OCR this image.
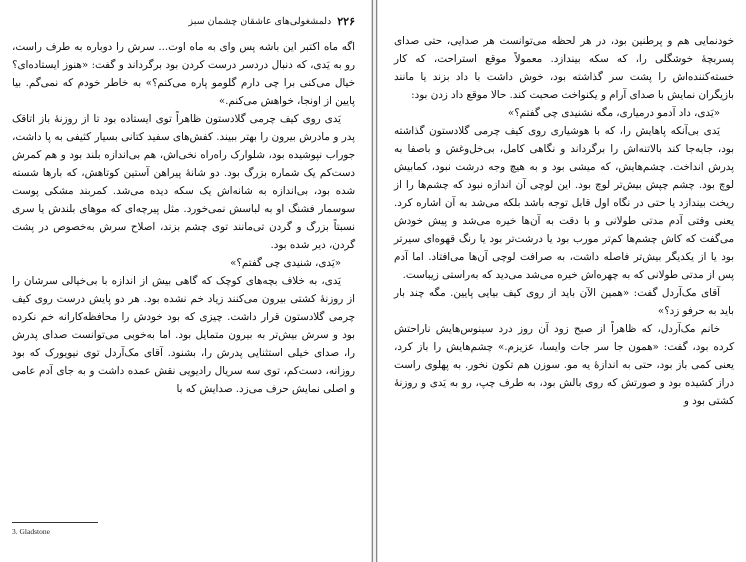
۲۲۶
دلمشغولی‌های عاشقان چشمان سبز

اگه ماه اکتبر این باشه پس وای به ماه اوت... سرش را دوباره به طرف راست، رو به یَدی، که دنبال دردسر درست کردن بود برگرداند و گفت: «هنوز ایستاده‌ای؟ خیال می‌کنی برا چی دارم گلومو پاره می‌کنم؟» به خاطر خودم که نمی‌گم. بیا پایین از اونجا، خواهش می‌کنم.»

یَدی روی کیف چرمی گلادستون ظاهراً توی ایستاده بود تا از روزنهٔ باز اتاقک پدر و مادرش بیرون را بهتر ببیند. کفش‌های سفید کتانی بسیار کثیفی به پا داشت، جوراب نپوشیده بود، شلوارک راه‌راه نخی‌اش، هم بی‌اندازه بلند بود و هم کمرش دست‌کم یک شماره بزرگ بود. دو شانهٔ پیراهن آستین کوتاهش، که بارها شسته شده بود، بی‌اندازه به شانه‌اش یک سکه دیده می‌شد. کمربند مشکی پوست سوسمار فشنگ او به لباسش نمی‌خورد. مثل پیرچه‌ای که موهای بلندش یا سری نسبتاً بزرگ و گردن تی‌مانند توی چشم بزند، اصلاح سرش به‌خصوص در پشت گردن، دیر شده بود.

«یَدی، شنیدی چی گفتم؟»

یَدی، به خلاف بچه‌های کوچک که گاهی بیش از اندازه با بی‌خیالی سرشان را از روزنهٔ کشتی بیرون می‌کنند زیاد خم نشده بود. هر دو پایش درست روی کیف چرمی گلادستون قرار داشت. چیزی که بود خودش را محافظه‌کارانه خم نکرده بود و سرش بیش‌تر به بیرون متمایل بود. اما به‌خوبی می‌توانست صدای پدرش را، صدای خیلی استثنایی پدرش را، بشنود. آقای مک‌آردل توی نیویورک که بود روزانه، دست‌کم، توی سه سریال رادیویی نقش عمده داشت و به جای آدم عامی و اصلی نمایش حرف می‌زد. صدایش که با

3. Gladstone

خودنمایی هم و پرطنین بود، در هر لحظه می‌توانست هر صدایی، حتی صدای پسربچهٔ خوشگلی را، که سکه بیندازد. معمولاً موقع استراحت، که کار خسته‌کننده‌اش را پشت سر گذاشته بود، خوش داشت با داد بزند یا مانند بازیگران نمایش با صدای آرام و یکنواخت صحبت کند. حالا موقع داد زدن بود:

«یَدی، داد آدمو درمیاری، مگه نشنیدی چی گفتم؟»

یَدی بی‌آنکه پاهایش را، که با هوشیاری روی کیف چرمی گلادستون گذاشته بود، جابه‌جا کند بالاتنه‌اش را برگرداند و نگاهی کامل، بی‌خل‌وغش و باصفا به پدرش انداخت. چشم‌هایش، که میشی بود و به هیچ وجه درشت نبود، کمابیش لوچ بود. چشم چپش بیش‌تر لوچ بود. این لوچی آن اندازه نبود که چشم‌ها را از ریخت بیندازد یا حتی در نگاه اول قابل توجه باشد بلکه می‌شد به آن اشاره کرد. یعنی وقتی آدم مدتی طولانی و با دقت به آن‌ها خیره می‌شد و پیش خودش می‌گفت که کاش چشم‌ها کم‌تر مورب بود یا درشت‌تر بود یا رنگ قهوه‌ای سیرتر بود یا از یکدیگر بیش‌تر فاصله داشت، به صرافت لوچی آن‌ها می‌افتاد. اما آدم پس از مدتی طولانی که به چهره‌اش خیره می‌شد می‌دید که به‌راستی زیباست.

آقای مک‌آردل گفت: «همین الآن باید از روی کیف بیایی پایین. مگه چند بار باید به حرفو زد؟»

خانم مک‌آردل، که ظاهراً از صبح زود آن روز درد سینوس‌هایش ناراحتش کرده بود، گفت: «همون جا سر جات وایسا، عزیزم.» چشم‌هایش را باز کرد، یعنی کمی باز بود، حتی به اندازهٔ یه مو. سوزن هم تکون نخور. به پهلوی راست دراز کشیده بود و صورتش که روی بالش بود، به طرف چپ، رو به یَدی و روزنهٔ کشتی بود و
